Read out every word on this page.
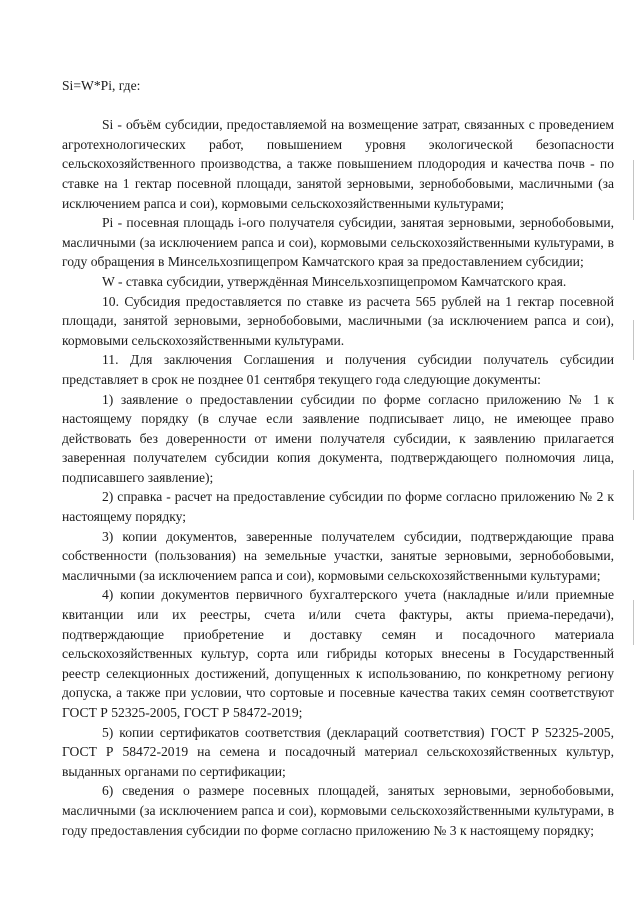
Si=W*Pi, где:

Si - объём субсидии, предоставляемой на возмещение затрат, связанных с проведением агротехнологических работ, повышением уровня экологической безопасности сельскохозяйственного производства, а также повышением плодородия и качества почв - по ставке на 1 гектар посевной площади, занятой зерновыми, зернобобовыми, масличными (за исключением рапса и сои), кормовыми сельскохозяйственными культурами;

Pi - посевная площадь i-ого получателя субсидии, занятая зерновыми, зернобобовыми, масличными (за исключением рапса и сои), кормовыми сельскохозяйственными культурами, в году обращения в Минсельхозпищепром Камчатского края за предоставлением субсидии;

W - ставка субсидии, утверждённая Минсельхозпищепромом Камчатского края.

10. Субсидия предоставляется по ставке из расчета 565 рублей на 1 гектар посевной площади, занятой зерновыми, зернобобовыми, масличными (за исключением рапса и сои), кормовыми сельскохозяйственными культурами.

11. Для заключения Соглашения и получения субсидии получатель субсидии представляет в срок не позднее 01 сентября текущего года следующие документы:

1) заявление о предоставлении субсидии по форме согласно приложению № 1 к настоящему порядку (в случае если заявление подписывает лицо, не имеющее право действовать без доверенности от имени получателя субсидии, к заявлению прилагается заверенная получателем субсидии копия документа, подтверждающего полномочия лица, подписавшего заявление);

2) справка - расчет на предоставление субсидии по форме согласно приложению № 2 к настоящему порядку;

3) копии документов, заверенные получателем субсидии, подтверждающие права собственности (пользования) на земельные участки, занятые зерновыми, зернобобовыми, масличными (за исключением рапса и сои), кормовыми сельскохозяйственными культурами;

4) копии документов первичного бухгалтерского учета (накладные и/или приемные квитанции или их реестры, счета и/или счета фактуры, акты приема-передачи), подтверждающие приобретение и доставку семян и посадочного материала сельскохозяйственных культур, сорта или гибриды которых внесены в Государственный реестр селекционных достижений, допущенных к использованию, по конкретному региону допуска, а также при условии, что сортовые и посевные качества таких семян соответствуют ГОСТ Р 52325-2005, ГОСТ Р 58472-2019;

5) копии сертификатов соответствия (деклараций соответствия) ГОСТ Р 52325-2005, ГОСТ Р 58472-2019 на семена и посадочный материал сельскохозяйственных культур, выданных органами по сертификации;

6) сведения о размере посевных площадей, занятых зерновыми, зернобобовыми, масличными (за исключением рапса и сои), кормовыми сельскохозяйственными культурами, в году предоставления субсидии по форме согласно приложению № 3 к настоящему порядку;
